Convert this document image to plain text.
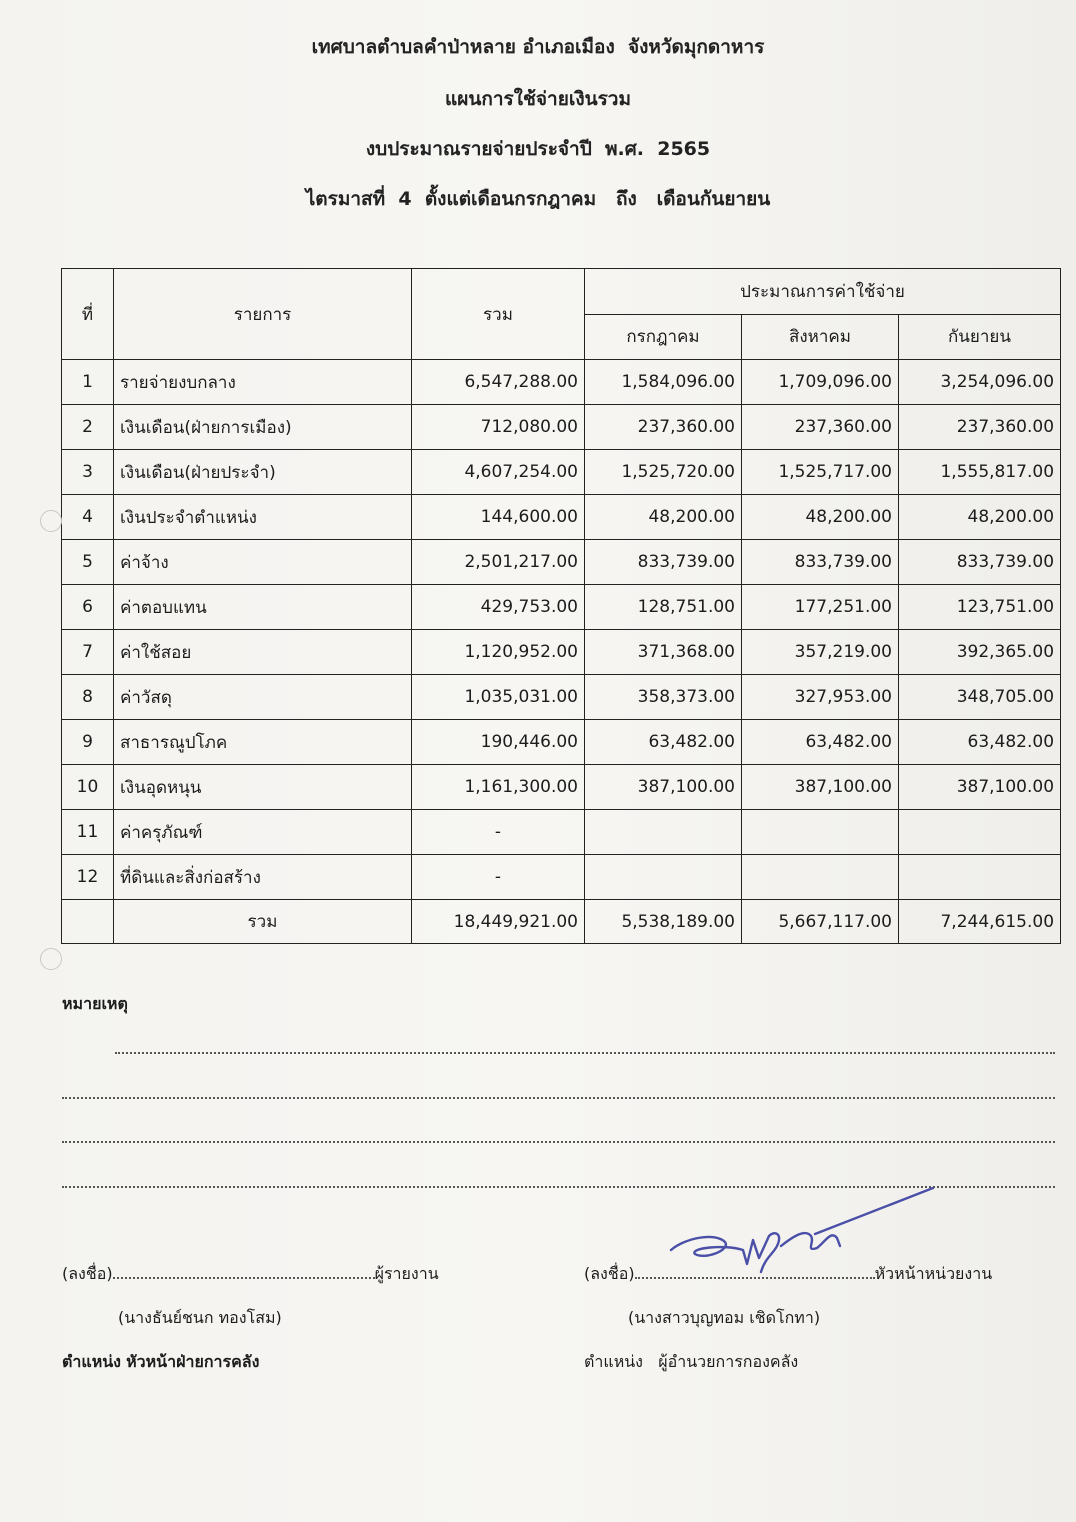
เทศบาลตำบลคำป่าหลาย อำเภอเมือง  จังหวัดมุกดาหาร
แผนการใช้จ่ายเงินรวม
งบประมาณรายจ่ายประจำปี  พ.ศ.  2565
ไตรมาสที่  4  ตั้งแต่เดือนกรกฎาคม   ถึง   เดือนกันยายน
ที่	รายการ	รวม	ประมาณการค่าใช้จ่าย		
			กรกฎาคม	สิงหาคม	กันยายน
1	รายจ่ายงบกลาง	6,547,288.00	1,584,096.00	1,709,096.00	3,254,096.00
2	เงินเดือน(ฝ่ายการเมือง)	712,080.00	237,360.00	237,360.00	237,360.00
3	เงินเดือน(ฝ่ายประจำ)	4,607,254.00	1,525,720.00	1,525,717.00	1,555,817.00
4	เงินประจำตำแหน่ง	144,600.00	48,200.00	48,200.00	48,200.00
5	ค่าจ้าง	2,501,217.00	833,739.00	833,739.00	833,739.00
6	ค่าตอบแทน	429,753.00	128,751.00	177,251.00	123,751.00
7	ค่าใช้สอย	1,120,952.00	371,368.00	357,219.00	392,365.00
8	ค่าวัสดุ	1,035,031.00	358,373.00	327,953.00	348,705.00
9	สาธารณูปโภค	190,446.00	63,482.00	63,482.00	63,482.00
10	เงินอุดหนุน	1,161,300.00	387,100.00	387,100.00	387,100.00
11	ค่าครุภัณฑ์	-			
12	ที่ดินและสิ่งก่อสร้าง	-			
	รวม	18,449,921.00	5,538,189.00	5,667,117.00	7,244,615.00
หมายเหตุ
(ลงชื่อ)	ผู้รายงาน
(นางธันย์ชนก ทองโสม)
ตำแหน่ง หัวหน้าฝ่ายการคลัง
(ลงชื่อ)	หัวหน้าหน่วยงาน
(นางสาวบุญทอม เชิดโกทา)
ตำแหน่ง ผู้อำนวยการกองคลัง
